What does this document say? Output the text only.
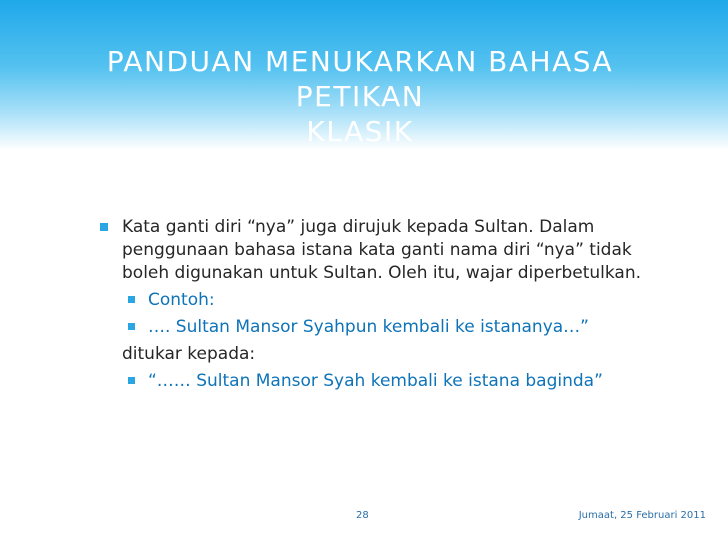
PANDUAN MENUKARKAN BAHASA PETIKAN
KLASIK
Kata ganti diri “nya” juga dirujuk kepada Sultan. Dalam penggunaan bahasa istana kata ganti nama diri “nya” tidak boleh digunakan untuk Sultan. Oleh itu, wajar diperbetulkan.
Contoh:
…. Sultan Mansor Syahpun kembali ke istananya…”
ditukar kepada:
“…… Sultan Mansor Syah kembali ke istana baginda”
28	Jumaat, 25 Februari 2011
